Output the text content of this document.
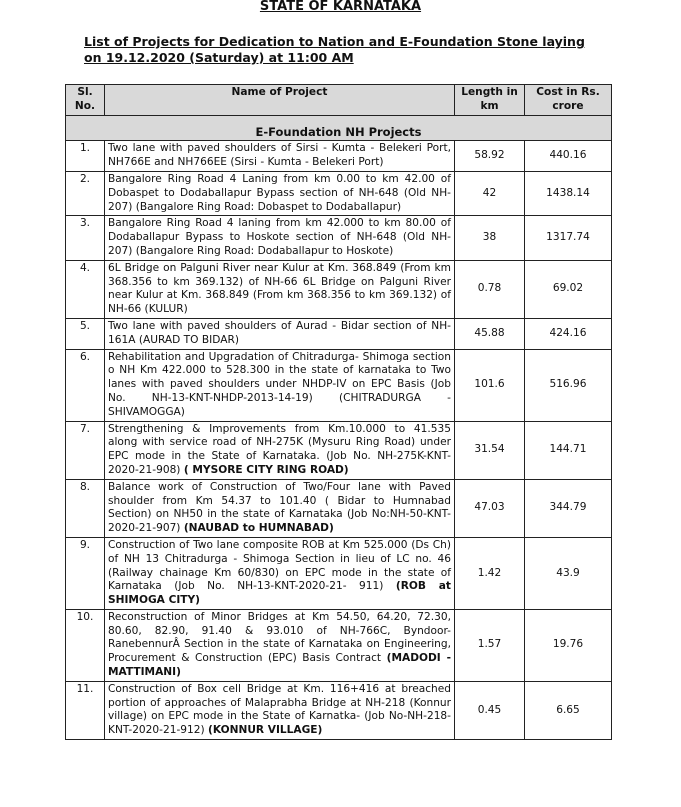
STATE OF KARNATAKA
List of Projects for Dedication to Nation and E-Foundation Stone laying on 19.12.2020 (Saturday) at 11:00 AM
Sl. No.	Name of Project	Length in km	Cost in Rs. crore
E-Foundation NH Projects			
1.	Two lane with paved shoulders of Sirsi - Kumta - Belekeri Port, NH766E and NH766EE (Sirsi - Kumta - Belekeri Port)	58.92	440.16
2.	Bangalore Ring Road 4 Laning from km 0.00 to km 42.00 of Dobaspet to Dodaballapur Bypass section of NH-648 (Old NH-207) (Bangalore Ring Road: Dobaspet to Dodaballapur)	42	1438.14
3.	Bangalore Ring Road 4 laning from km 42.000 to km 80.00 of Dodaballapur Bypass to Hoskote section of NH-648 (Old NH-207) (Bangalore Ring Road: Dodaballapur to Hoskote)	38	1317.74
4.	6L Bridge on Palguni River near Kulur at Km. 368.849 (From km 368.356 to km 369.132) of NH-66 6L Bridge on Palguni River near Kulur at Km. 368.849 (From km 368.356 to km 369.132) of NH-66 (KULUR)	0.78	69.02
5.	Two lane with paved shoulders of Aurad - Bidar section of NH-161A (AURAD TO BIDAR)	45.88	424.16
6.	Rehabilitation and Upgradation of Chitradurga- Shimoga section o NH Km 422.000 to 528.300 in the state of karnataka to Two lanes with paved shoulders under NHDP-IV on EPC Basis (Job No. NH-13-KNT-NHDP-2013-14-19) (CHITRADURGA - SHIVAMOGGA)	101.6	516.96
7.	Strengthening & Improvements from Km.10.000 to 41.535 along with service road of NH-275K (Mysuru Ring Road) under EPC mode in the State of Karnataka. (Job No. NH-275K-KNT-2020-21-908) ( MYSORE CITY RING ROAD)	31.54	144.71
8.	Balance work of Construction of Two/Four lane with Paved shoulder from Km 54.37 to 101.40 ( Bidar to Humnabad Section) on NH50 in the state of Karnataka (Job No:NH-50-KNT-2020-21-907) (NAUBAD to HUMNABAD)	47.03	344.79
9.	Construction of Two lane composite ROB at Km 525.000 (Ds Ch) of NH 13 Chitradurga - Shimoga Section in lieu of LC no. 46 (Railway chainage Km 60/830) on EPC mode in the state of Karnataka (Job No. NH-13-KNT-2020-21- 911) (ROB at SHIMOGA CITY)	1.42	43.9
10.	Reconstruction of Minor Bridges at Km 54.50, 64.20, 72.30, 80.60, 82.90, 91.40 & 93.010 of NH-766C, Byndoor-RanebennurÂ Section in the state of Karnataka on Engineering, Procurement & Construction (EPC) Basis Contract (MADODI - MATTIMANI)	1.57	19.76
11.	Construction of Box cell Bridge at Km. 116+416 at breached portion of approaches of Malaprabha Bridge at NH-218 (Konnur village) on EPC mode in the State of Karnatka- (Job No-NH-218-KNT-2020-21-912) (KONNUR VILLAGE)	0.45	6.65
